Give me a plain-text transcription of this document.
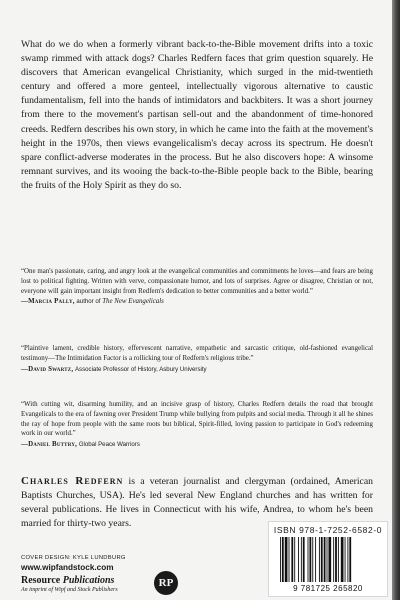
What do we do when a formerly vibrant back-to-the-Bible movement drifts into a toxic swamp rimmed with attack dogs? Charles Redfern faces that grim question squarely. He discovers that American evangelical Christianity, which surged in the mid-twentieth century and offered a more genteel, intellectually vigorous alternative to caustic fundamentalism, fell into the hands of intimidators and backbiters. It was a short journey from there to the movement's partisan sell-out and the abandonment of time-honored creeds. Redfern describes his own story, in which he came into the faith at the movement's height in the 1970s, then views evangelicalism's decay across its spectrum. He doesn't spare conflict-adverse moderates in the process. But he also discovers hope: A winsome remnant survives, and its wooing the back-to-the-Bible people back to the Bible, bearing the fruits of the Holy Spirit as they do so.

“One man's passionate, caring, and angry look at the evangelical communities and commitments he loves—and fears are being lost to political fighting. Written with verve, compassionate humor, and lots of surprises. Agree or disagree, Christian or not, everyone will gain important insight from Redfern's dedication to better communities and a better world.”

—Marcia Pally, author of The New Evangelicals

“Plaintive lament, credible history, effervescent narrative, empathetic and sarcastic critique, old-fashioned evangelical testimony—The Intimidation Factor is a rollicking tour of Redfern's religious tribe.”

—David Swartz, Associate Professor of History, Asbury University

“With cutting wit, disarming humility, and an incisive grasp of history, Charles Redfern details the road that brought Evangelicals to the era of fawning over President Trump while bullying from pulpits and social media. Through it all he shines the ray of hope from people with the same roots but biblical, Spirit-filled, loving passion to participate in God's redeeming work in our world.”

—Daniel Buttry, Global Peace Warriors

Charles Redfern is a veteran journalist and clergyman (ordained, American Baptists Churches, USA). He's led several New England churches and has written for several publications. He lives in Connecticut with his wife, Andrea, to whom he's been married for thirty-two years.

COVER DESIGN: KYLE LUNDBURG
www.wipfandstock.com
Resource Publications
An imprint of Wipf and Stock Publishers
RP
ISBN 978-1-7252-6582-0
9 781725 265820
